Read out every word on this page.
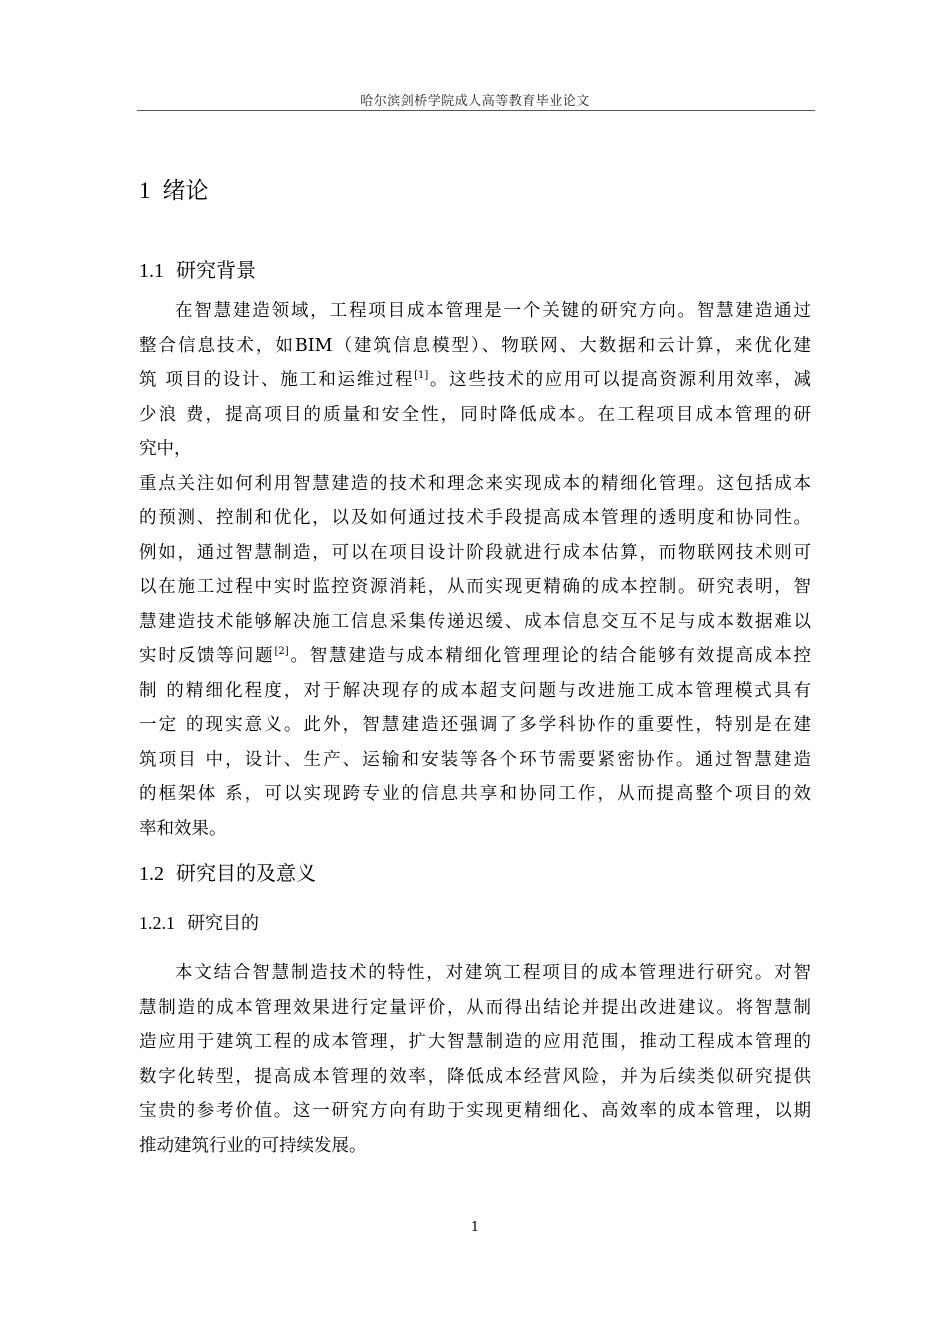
哈尔滨剑桥学院成人高等教育毕业论文
1 绪论
1.1 研究背景
在智慧建造领域，工程项目成本管理是一个关键的研究方向。智慧建造通过
整合信息技术，如BIM（建筑信息模型）、物联网、大数据和云计算，来优化建
筑 项目的设计、施工和运维过程[1]。这些技术的应用可以提高资源利用效率，减
少浪 费，提高项目的质量和安全性，同时降低成本。在工程项目成本管理的研
究中，
重点关注如何利用智慧建造的技术和理念来实现成本的精细化管理。这包括成本
的预测、控制和优化，以及如何通过技术手段提高成本管理的透明度和协同性。
例如，通过智慧制造，可以在项目设计阶段就进行成本估算，而物联网技术则可
以在施工过程中实时监控资源消耗，从而实现更精确的成本控制。研究表明，智
慧建造技术能够解决施工信息采集传递迟缓、成本信息交互不足与成本数据难以
实时反馈等问题[2]。智慧建造与成本精细化管理理论的结合能够有效提高成本控
制 的精细化程度，对于解决现存的成本超支问题与改进施工成本管理模式具有
一定 的现实意义。此外，智慧建造还强调了多学科协作的重要性，特别是在建
筑项目 中，设计、生产、运输和安装等各个环节需要紧密协作。通过智慧建造
的框架体 系，可以实现跨专业的信息共享和协同工作，从而提高整个项目的效
率和效果。
1.2 研究目的及意义
1.2.1 研究目的
本文结合智慧制造技术的特性，对建筑工程项目的成本管理进行研究。对智
慧制造的成本管理效果进行定量评价，从而得出结论并提出改进建议。将智慧制
造应用于建筑工程的成本管理，扩大智慧制造的应用范围，推动工程成本管理的
数字化转型，提高成本管理的效率，降低成本经营风险，并为后续类似研究提供
宝贵的参考价值。这一研究方向有助于实现更精细化、高效率的成本管理，以期
推动建筑行业的可持续发展。
1
